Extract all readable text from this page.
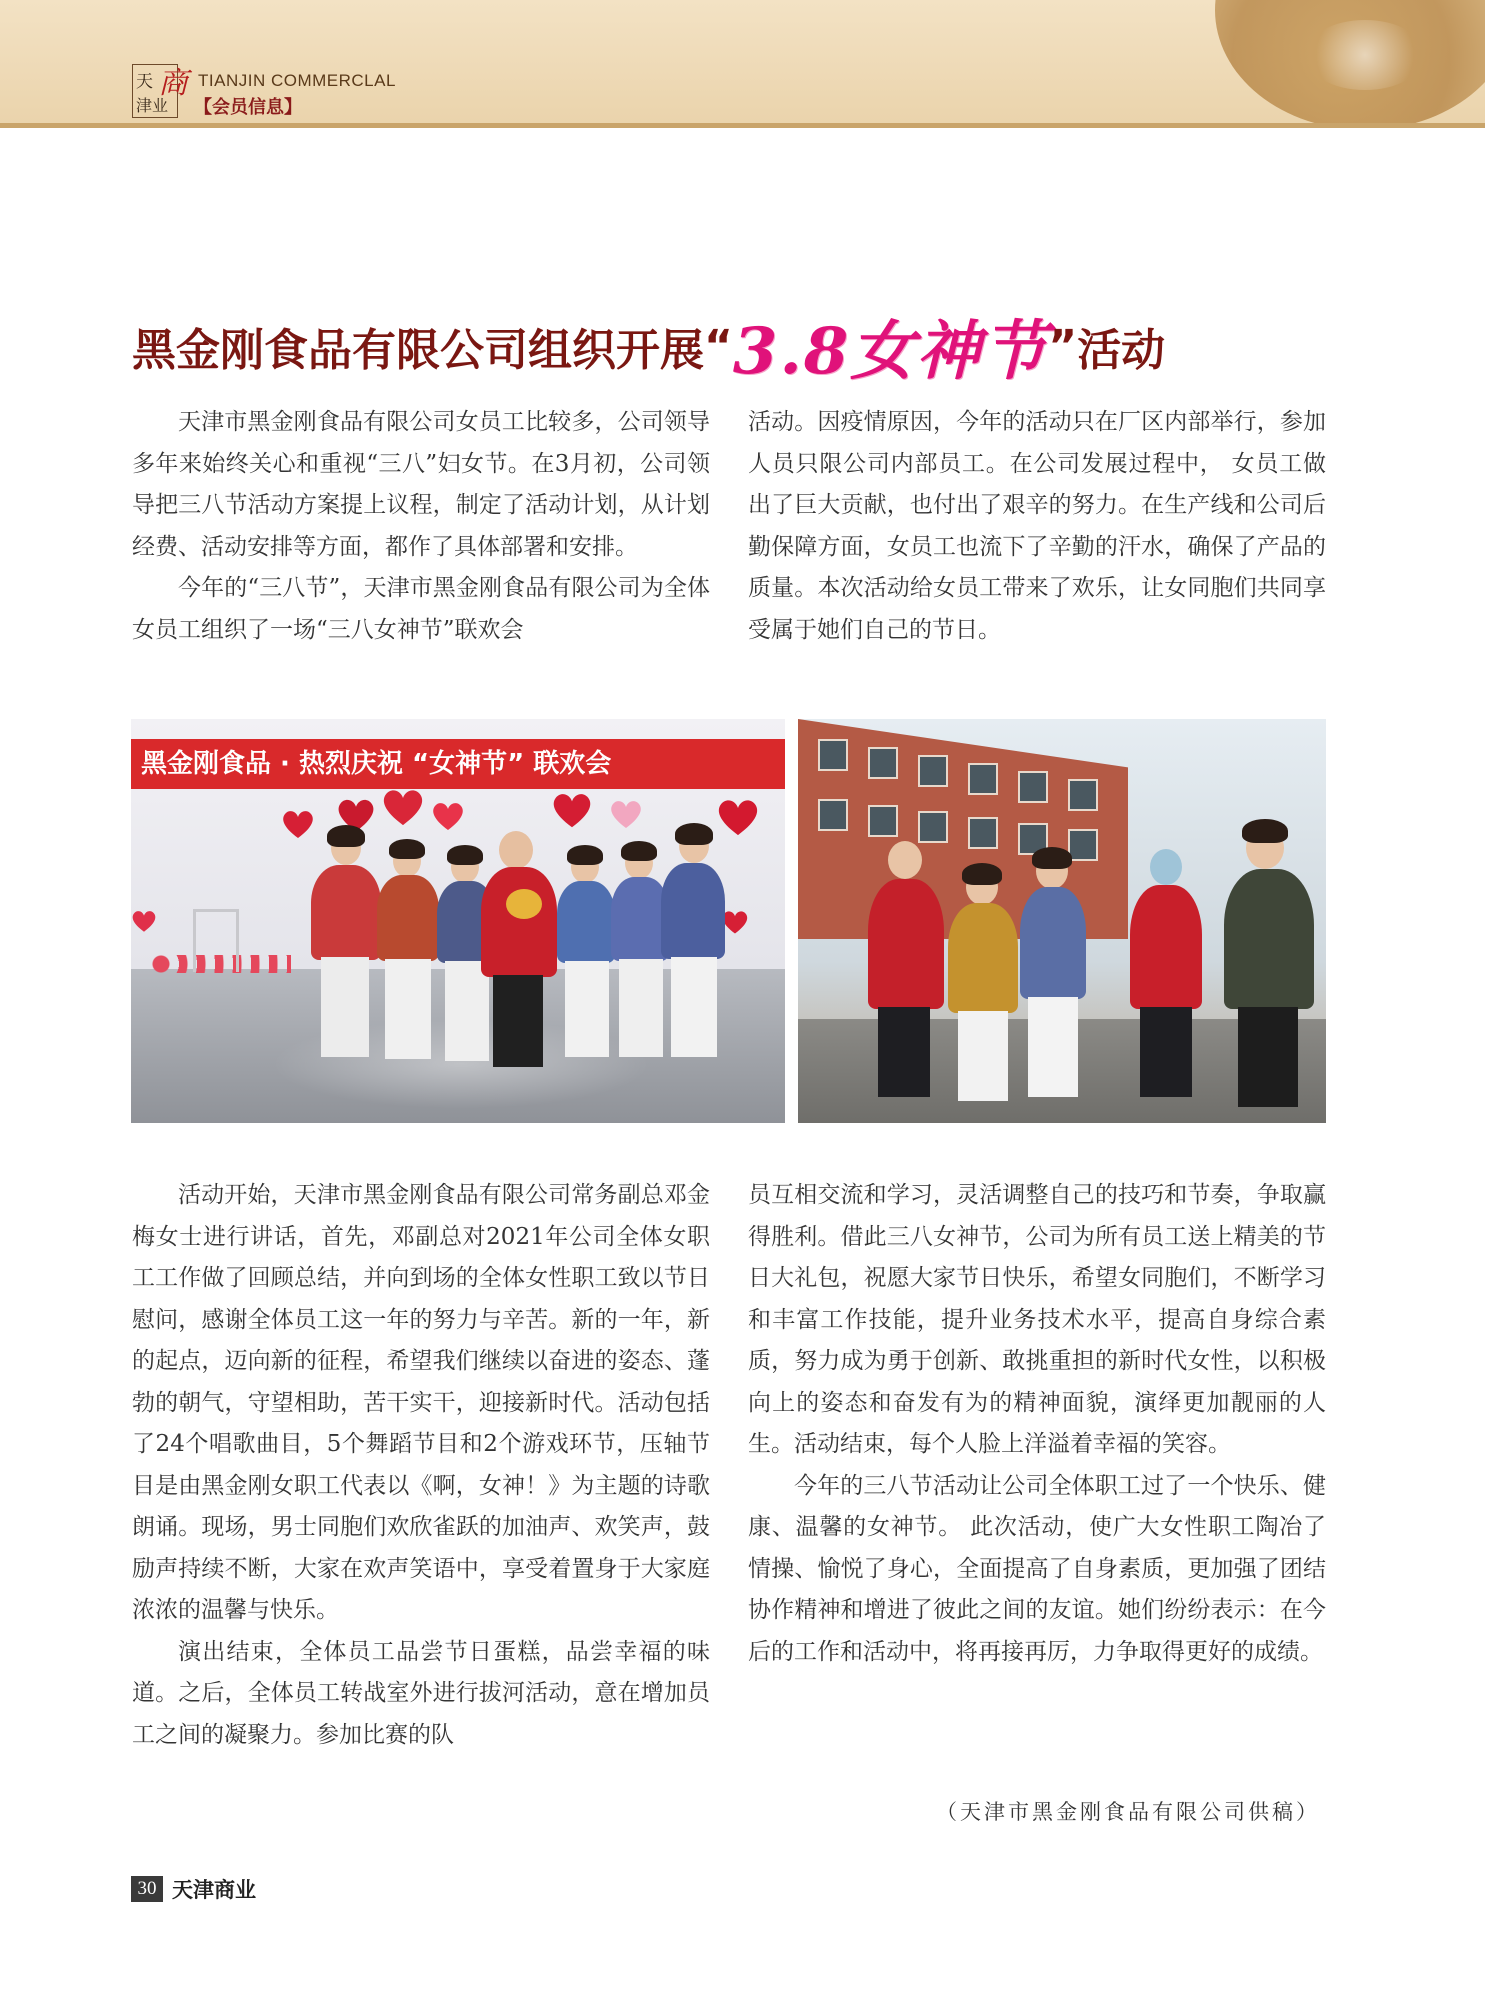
天
津业
商 TIANJIN COMMERCLAL
【会员信息】
黑金刚食品有限公司组织开展“3.8女神节”活动

天津市黑金刚食品有限公司女员工比较多，公司领导多年来始终关心和重视“三八”妇女节。在3月初，公司领导把三八节活动方案提上议程，制定了活动计划，从计划经费、活动安排等方面，都作了具体部署和安排。

今年的“三八节”，天津市黑金刚食品有限公司为全体女员工组织了一场“三八女神节”联欢会

活动。因疫情原因，今年的活动只在厂区内部举行，参加人员只限公司内部员工。在公司发展过程中， 女员工做出了巨大贡献，也付出了艰辛的努力。在生产线和公司后勤保障方面，女员工也流下了辛勤的汗水，确保了产品的质量。本次活动给女员工带来了欢乐，让女同胞们共同享受属于她们自己的节日。

黑金刚食品 · 热烈庆祝 “女神节” 联欢会

活动开始，天津市黑金刚食品有限公司常务副总邓金梅女士进行讲话，首先，邓副总对2021年公司全体女职工工作做了回顾总结，并向到场的全体女性职工致以节日慰问，感谢全体员工这一年的努力与辛苦。新的一年，新的起点，迈向新的征程，希望我们继续以奋进的姿态、蓬勃的朝气，守望相助，苦干实干，迎接新时代。活动包括了24个唱歌曲目，5个舞蹈节目和2个游戏环节，压轴节目是由黑金刚女职工代表以《啊，女神！》为主题的诗歌朗诵。现场，男士同胞们欢欣雀跃的加油声、欢笑声，鼓励声持续不断，大家在欢声笑语中，享受着置身于大家庭浓浓的温馨与快乐。

演出结束，全体员工品尝节日蛋糕，品尝幸福的味道。之后，全体员工转战室外进行拔河活动，意在增加员工之间的凝聚力。参加比赛的队

员互相交流和学习，灵活调整自己的技巧和节奏，争取赢得胜利。借此三八女神节，公司为所有员工送上精美的节日大礼包，祝愿大家节日快乐，希望女同胞们，不断学习和丰富工作技能，提升业务技术水平，提高自身综合素质，努力成为勇于创新、敢挑重担的新时代女性，以积极向上的姿态和奋发有为的精神面貌，演绎更加靓丽的人生。活动结束，每个人脸上洋溢着幸福的笑容。

今年的三八节活动让公司全体职工过了一个快乐、健康、温馨的女神节。 此次活动，使广大女性职工陶冶了情操、愉悦了身心，全面提高了自身素质，更加强了团结协作精神和增进了彼此之间的友谊。她们纷纷表示：在今后的工作和活动中，将再接再厉，力争取得更好的成绩。

（天津市黑金刚食品有限公司供稿）
30 天津商业
